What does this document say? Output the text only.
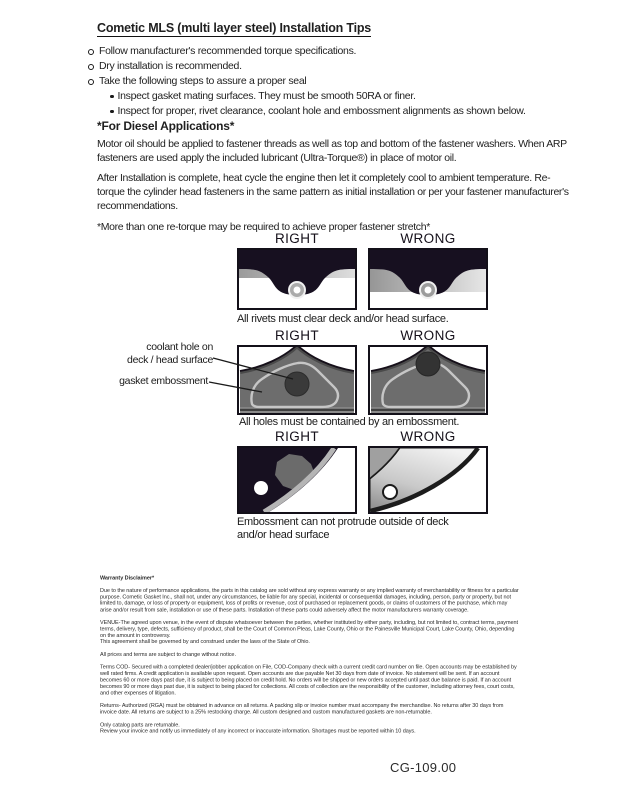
Cometic MLS (multi layer steel) Installation Tips
Follow manufacturer's recommended torque specifications.
Dry installation is recommended.
Take the following steps to assure a proper seal
Inspect gasket mating surfaces. They must be smooth 50RA or finer.
Inspect for proper, rivet clearance, coolant hole and embossment alignments as shown below.
*For Diesel Applications*
Motor oil should be applied to fastener threads as well as top and bottom of the fastener washers. When ARP fasteners are used apply the included lubricant (Ultra-Torque®) in place of motor oil.
After Installation is complete, heat cycle the engine then let it completely cool to ambient temperature. Re-torque the cylinder head fasteners in the same pattern as initial installation or per your fastener manufacturer's recommendations.
*More than one re-torque may be required to achieve proper fastener stretch*
RIGHT	WRONG
All rivets must clear deck and/or head surface.
coolant hole on
deck / head surface
gasket embossment
RIGHT	WRONG
All holes must be contained by an embossment.
RIGHT	WRONG
Embossment can not protrude outside of deck and/or head surface
Warranty Disclaimer*

Due to the nature of performance applications, the parts in this catalog are sold without any express warranty or any implied warranty of merchantability or fitness for a particular purpose. Cometic Gasket Inc., shall not, under any circumstances, be liable for any special, incidental or consequential damages, including, person, party or property, but not limited to, damage, or loss of property or equipment, loss of profits or revenue, cost of purchased or replacement goods, or claims of customers of the purchase, which may arise and/or result from sale, installation or use of these parts. Installation of these parts could adversely affect the motor manufacturers warranty coverage.

VENUE-The agreed upon venue, in the event of dispute whatsoever between the parties, whether instituted by either party, including, but not limited to, contract terms, payment terms, delivery, type, defects, sufficiency of product, shall be the Court of Common Pleas, Lake County, Ohio or the Painesville Municipal Court, Lake County, Ohio, depending on the amount in controversy.

This agreement shall be governed by and construed under the laws of the State of Ohio.

All prices and terms are subject to change without notice.

Terms COD- Secured with a completed dealer/jobber application on File, COD-Company check with a current credit card number on file. Open accounts may be established by well rated firms. A credit application is available upon request. Open accounts are due payable Net 30 days from date of invoice. No statement will be sent. If an account becomes 60 or more days past due, it is subject to being placed on credit hold. No orders will be shipped or new orders accepted until past due balance is paid. If an account becomes 90 or more days past due, it is subject to being placed for collections. All costs of collection are the responsibility of the customer, including attorney fees, court costs, and other expenses of litigation.

Returns- Authorized (RGA) must be obtained in advance on all returns. A packing slip or invoice number must accompany the merchandise. No returns after 30 days from invoice date. All returns are subject to a 25% restocking charge. All custom designed and custom manufactured gaskets are non-returnable.

Only catalog parts are returnable.

Review your invoice and notify us immediately of any incorrect or inaccurate information. Shortages must be reported within 10 days.

CG-109.00
